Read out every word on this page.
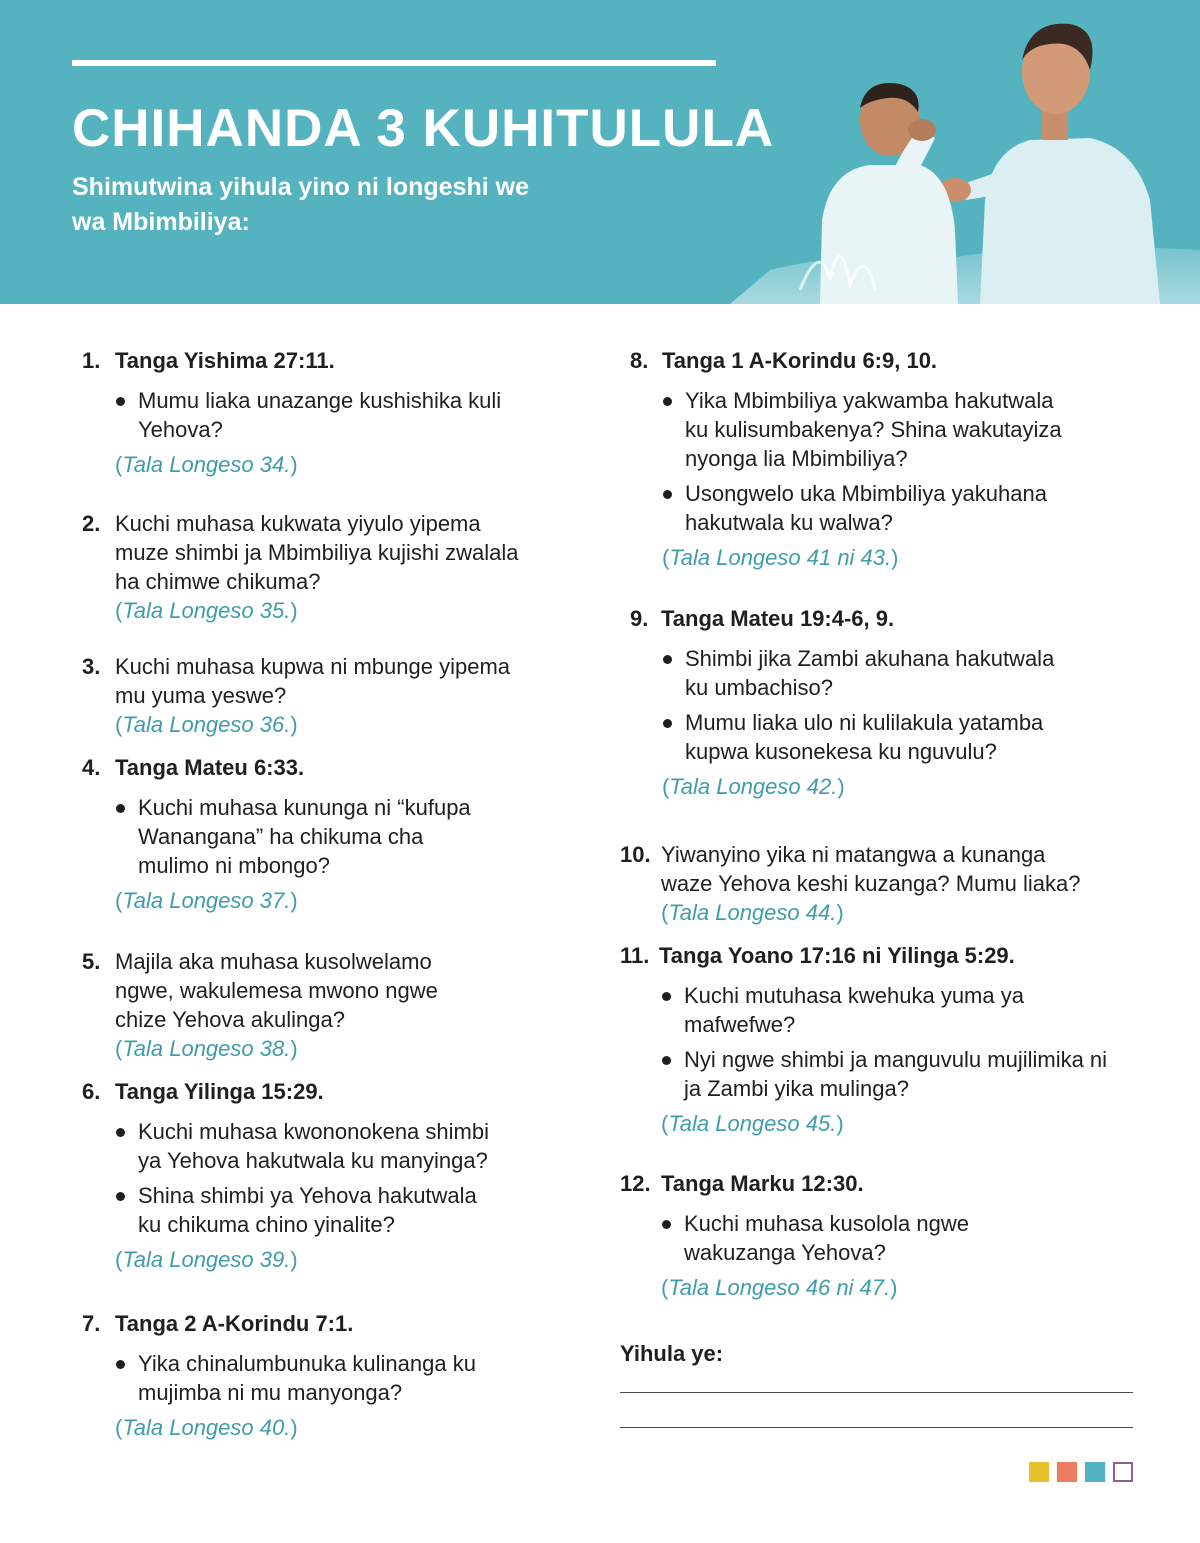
CHIHANDA 3 KUHITULULA

Shimutwina yihula yino ni longeshi we wa Mbimbiliya:

1. Tanga Yishima 27:11.
Mumu liaka unazange kushishika kuli Yehova?
(Tala Longeso 34.)
2. Kuchi muhasa kukwata yiyulo yipema muze shimbi ja Mbimbiliya kujishi zwalala ha chimwe chikuma?
(Tala Longeso 35.)
3. Kuchi muhasa kupwa ni mbunge yipema mu yuma yeswe?
(Tala Longeso 36.)
4. Tanga Mateu 6:33.
Kuchi muhasa kununga ni “kufupa Wanangana” ha chikuma cha mulimo ni mbongo?
(Tala Longeso 37.)
5. Majila aka muhasa kusolwelamo ngwe, wakulemesa mwono ngwe chize Yehova akulinga?
(Tala Longeso 38.)
6. Tanga Yilinga 15:29.
Kuchi muhasa kwononokena shimbi ya Yehova hakutwala ku manyinga?
Shina shimbi ya Yehova hakutwala ku chikuma chino yinalite?
(Tala Longeso 39.)
7. Tanga 2 A-Korindu 7:1.
Yika chinalumbunuka kulinanga ku mujimba ni mu manyonga?
(Tala Longeso 40.)
8. Tanga 1 A-Korindu 6:9, 10.
Yika Mbimbiliya yakwamba hakutwala ku kulisumbakenya? Shina wakutayiza nyonga lia Mbimbiliya?
Usongwelo uka Mbimbiliya yakuhana hakutwala ku walwa?
(Tala Longeso 41 ni 43.)
9. Tanga Mateu 19:4-6, 9.
Shimbi jika Zambi akuhana hakutwala ku umbachiso?
Mumu liaka ulo ni kulilakula yatamba kupwa kusonekesa ku nguvulu?
(Tala Longeso 42.)
10. Yiwanyino yika ni matangwa a kunanga waze Yehova keshi kuzanga? Mumu liaka?
(Tala Longeso 44.)
11. Tanga Yoano 17:16 ni Yilinga 5:29.
Kuchi mutuhasa kwehuka yuma ya mafwefwe?
Nyi ngwe shimbi ja manguvulu mujilimika ni ja Zambi yika mulinga?
(Tala Longeso 45.)
12. Tanga Marku 12:30.
Kuchi muhasa kusolola ngwe wakuzanga Yehova?
(Tala Longeso 46 ni 47.)
Yihula ye:
